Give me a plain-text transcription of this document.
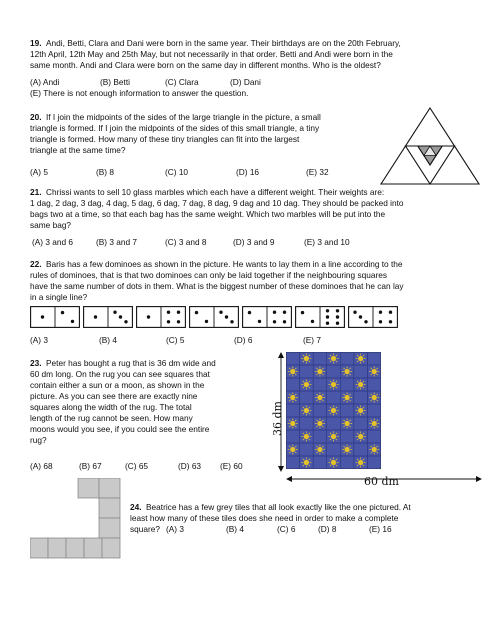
19. Andi, Betti, Clara and Dani were born in the same year. Their birthdays are on the 20th February,

12th April, 12th May and 25th May, but not necessarily in that order. Betti and Andi were born in the

same month. Andi and Clara were born on the same day in different months. Who is the oldest?

(A) Andi	(B) Betti	(C) Clara	(D) Dani

(E) There is not enough information to answer the question.

20. If I join the midpoints of the sides of the large triangle in the picture, a small

triangle is formed. If I join the midpoints of the sides of this small triangle, a tiny

triangle is formed. How many of these tiny triangles can fit into the largest

triangle at the same time?

(A) 5	(B) 8	(C) 10	(D) 16	(E) 32

21. Chrissi wants to sell 10 glass marbles which each have a different weight. Their weights are:

1 dag, 2 dag, 3 dag, 4 dag, 5 dag, 6 dag, 7 dag, 8 dag, 9 dag and 10 dag. They should be packed into

bags two at a time, so that each bag has the same weight. Which two marbles will be put into the

same bag?

(A) 3 and 6	(B) 3 and 7	(C) 3 and 8	(D) 3 and 9	(E) 3 and 10

22. Baris has a few dominoes as shown in the picture. He wants to lay them in a line according to the

rules of dominoes, that is that two dominoes can only be laid together if the neighbouring squares

have the same number of dots in them. What is the biggest number of these dominoes that he can lay

in a single line?

(A) 3	(B) 4	(C) 5	(D) 6	(E) 7

23. Peter has bought a rug that is 36 dm wide and

60 dm long. On the rug you can see squares that

contain either a sun or a moon, as shown in the

picture. As you can see there are exactly nine

squares along the width of the rug. The total

length of the rug cannot be seen. How many

moons would you see, if you could see the entire

rug?

(A) 68	(B) 67	(C) 65	(D) 63 (E) 60

36 dm
60 dm

24. Beatrice has a few grey tiles that all look exactly like the one pictured. At

least how many of these tiles does she need in order to make a complete

square? (A) 3	(B) 4	(C) 6	(D) 8	(E) 16
